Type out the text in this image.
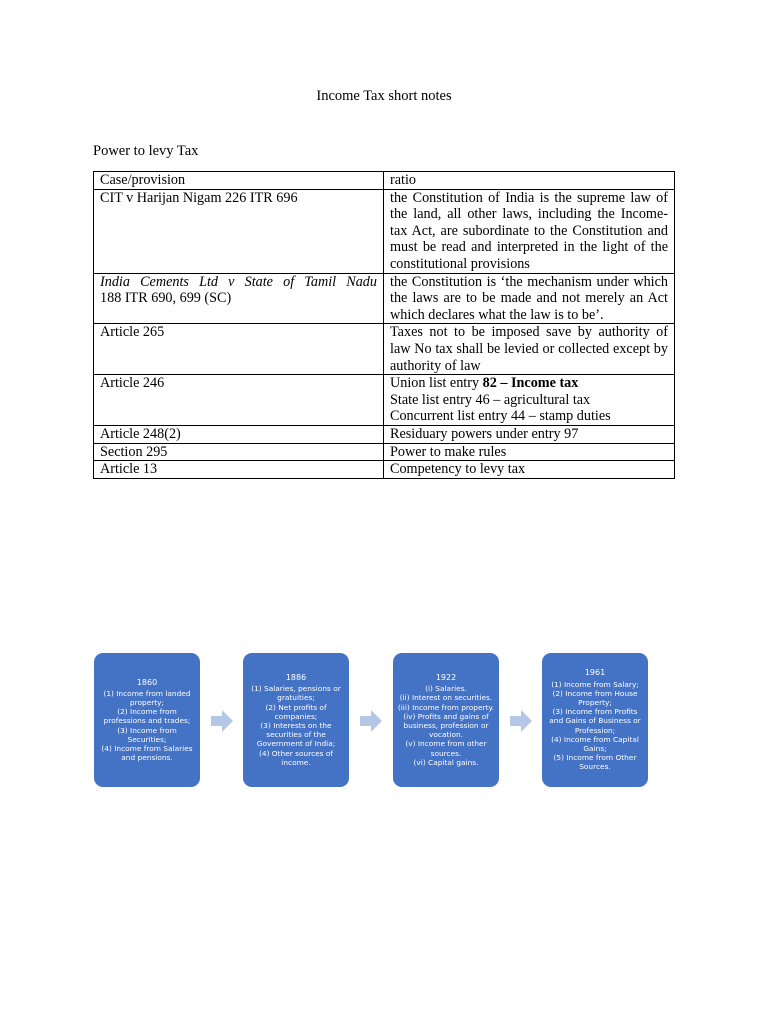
Income Tax short notes
Power to levy Tax
Case/provision	ratio
CIT v Harijan Nigam 226 ITR 696	the Constitution of India is the supreme law of the land, all other laws, including the Income-tax Act, are subordinate to the Constitution and must be read and interpreted in the light of the constitutional provisions

India Cements Ltd v State of Tamil Nadu
188 ITR 690, 699 (SC)	the Constitution is ‘the mechanism under which the laws are to be made and not merely an Act which declares what the law is to be’.
Article 265	Taxes not to be imposed save by authority of law No tax shall be levied or collected except by authority of law
Article 246	Union list entry 82 – Income tax
State list entry 46 – agricultural tax
Concurrent list entry 44 – stamp duties

Article 248(2)	Residuary powers under entry 97
Section 295	Power to make rules
Article 13	Competency to levy tax
1860
(1) Income from landed property;
(2) Income from professions and trades;
(3) Income from Securities;
(4) Income from Salaries and pensions.
1886
(1) Salaries, pensions or gratuities;
(2) Net profits of companies;
(3) Interests on the securities of the Government of India;
(4) Other sources of income.
1922
(i) Salaries.
(ii) Interest on securities.
(iii) Income from property.
(iv) Profits and gains of business, profession or vocation.
(v) Income from other sources.
(vi) Capital gains.
1961
(1) Income from Salary;
(2) Income from House Property;
(3) Income from Profits and Gains of Business or Profession;
(4) Income from Capital Gains;
(5) Income from Other Sources.
